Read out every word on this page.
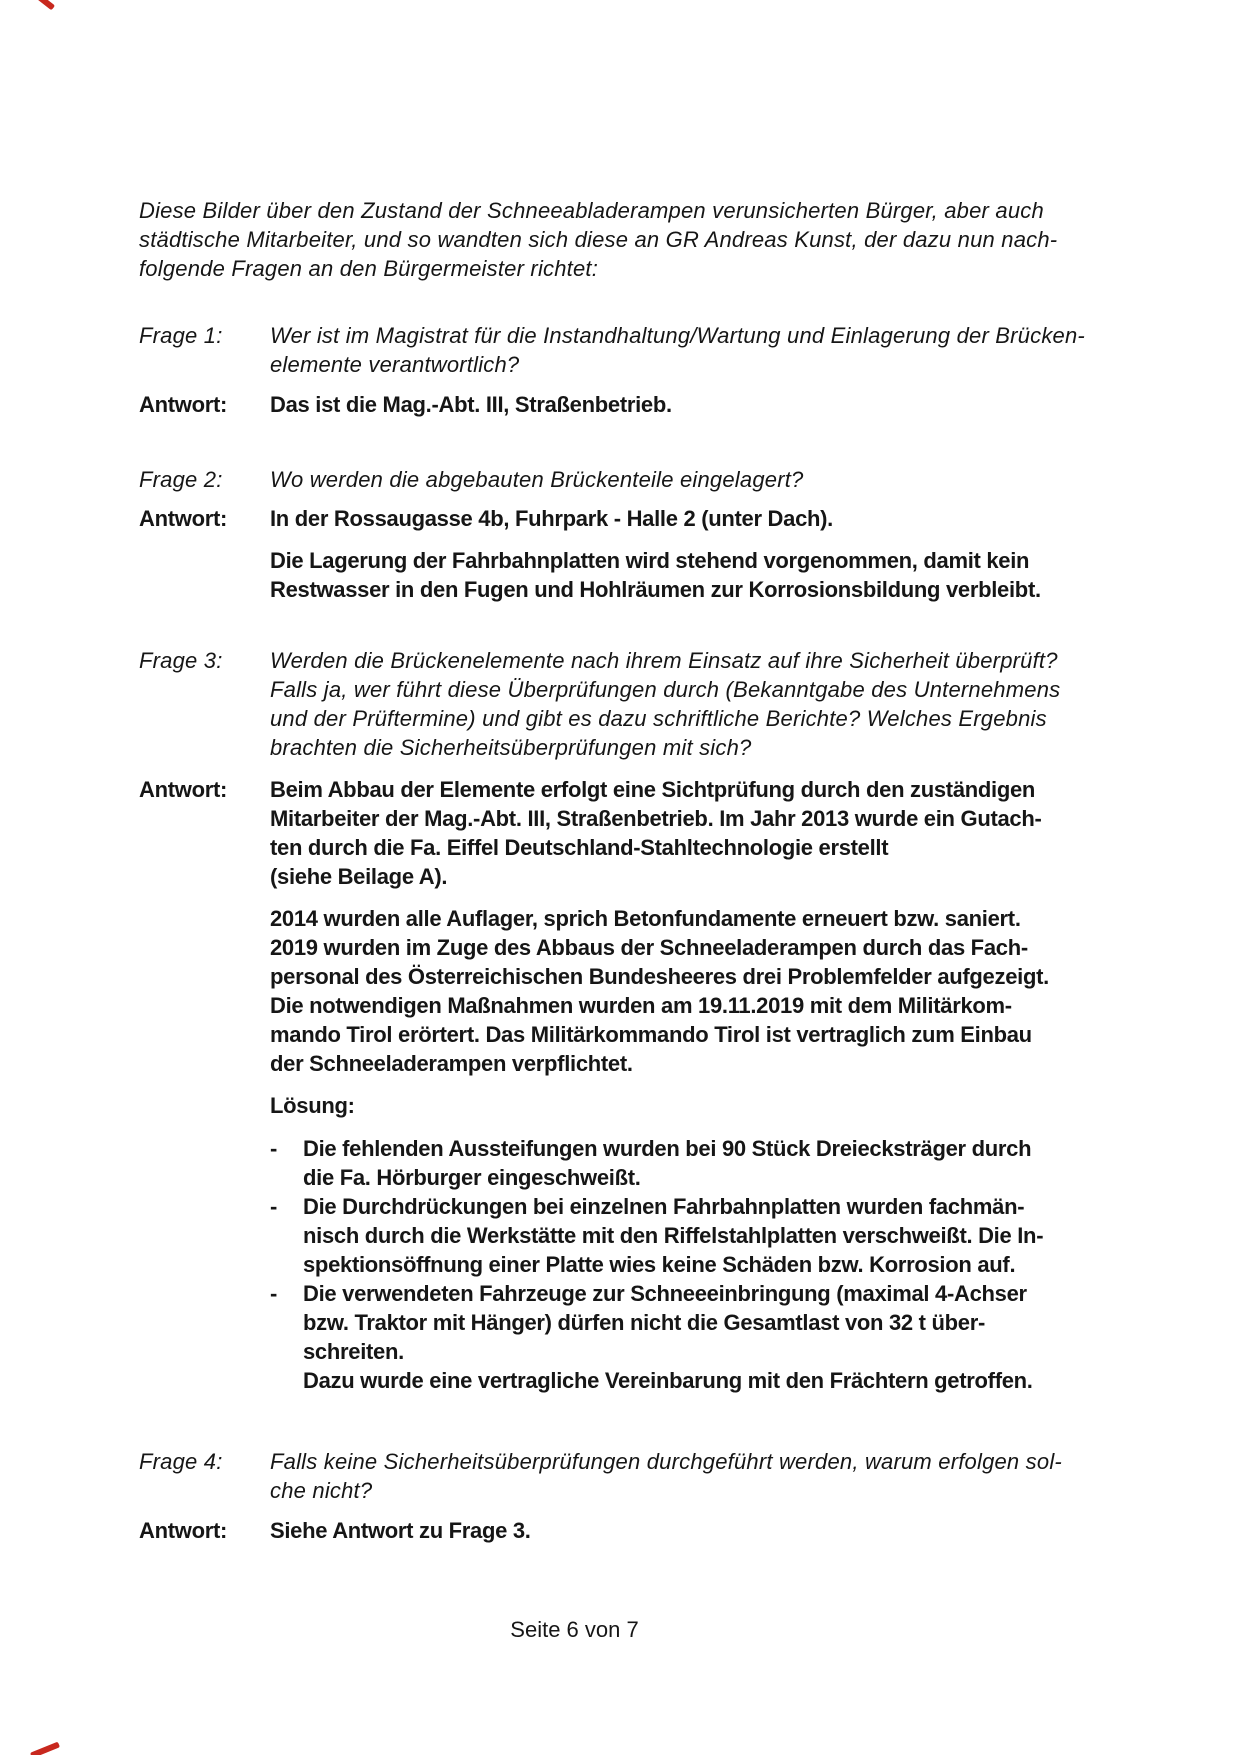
Diese Bilder über den Zustand der Schneeabladerampen verunsicherten Bürger, aber auch
städtische Mitarbeiter, und so wandten sich diese an GR Andreas Kunst, der dazu nun nach-
folgende Fragen an den Bürgermeister richtet:
Frage 1:	Wer ist im Magistrat für die Instandhaltung/Wartung und Einlagerung der Brücken-
elemente verantwortlich?
Antwort:	Das ist die Mag.-Abt. III, Straßenbetrieb.
Frage 2:	Wo werden die abgebauten Brückenteile eingelagert?
Antwort:	In der Rossaugasse 4b, Fuhrpark - Halle 2 (unter Dach).
Die Lagerung der Fahrbahnplatten wird stehend vorgenommen, damit kein
Restwasser in den Fugen und Hohlräumen zur Korrosionsbildung verbleibt.
Frage 3:	Werden die Brückenelemente nach ihrem Einsatz auf ihre Sicherheit überprüft?
Falls ja, wer führt diese Überprüfungen durch (Bekanntgabe des Unternehmens
und der Prüftermine) und gibt es dazu schriftliche Berichte? Welches Ergebnis
brachten die Sicherheitsüberprüfungen mit sich?
Antwort:	Beim Abbau der Elemente erfolgt eine Sichtprüfung durch den zuständigen
Mitarbeiter der Mag.-Abt. III, Straßenbetrieb. Im Jahr 2013 wurde ein Gutach-
ten durch die Fa. Eiffel Deutschland-Stahltechnologie erstellt
(siehe Beilage A).
2014 wurden alle Auflager, sprich Betonfundamente erneuert bzw. saniert.
2019 wurden im Zuge des Abbaus der Schneeladerampen durch das Fach-
personal des Österreichischen Bundesheeres drei Problemfelder aufgezeigt.
Die notwendigen Maßnahmen wurden am 19.11.2019 mit dem Militärkom-
mando Tirol erörtert. Das Militärkommando Tirol ist vertraglich zum Einbau
der Schneeladerampen verpflichtet.
Lösung:
-	Die fehlenden Aussteifungen wurden bei 90 Stück Dreiecksträger durch
die Fa. Hörburger eingeschweißt.
-	Die Durchdrückungen bei einzelnen Fahrbahnplatten wurden fachmän-
nisch durch die Werkstätte mit den Riffelstahlplatten verschweißt. Die In-
spektionsöffnung einer Platte wies keine Schäden bzw. Korrosion auf.
-	Die verwendeten Fahrzeuge zur Schneeeinbringung (maximal 4-Achser
bzw. Traktor mit Hänger) dürfen nicht die Gesamtlast von 32 t über-
schreiten.
Dazu wurde eine vertragliche Vereinbarung mit den Frächtern getroffen.
Frage 4:	Falls keine Sicherheitsüberprüfungen durchgeführt werden, warum erfolgen sol-
che nicht?
Antwort:	Siehe Antwort zu Frage 3.
Seite 6 von 7
